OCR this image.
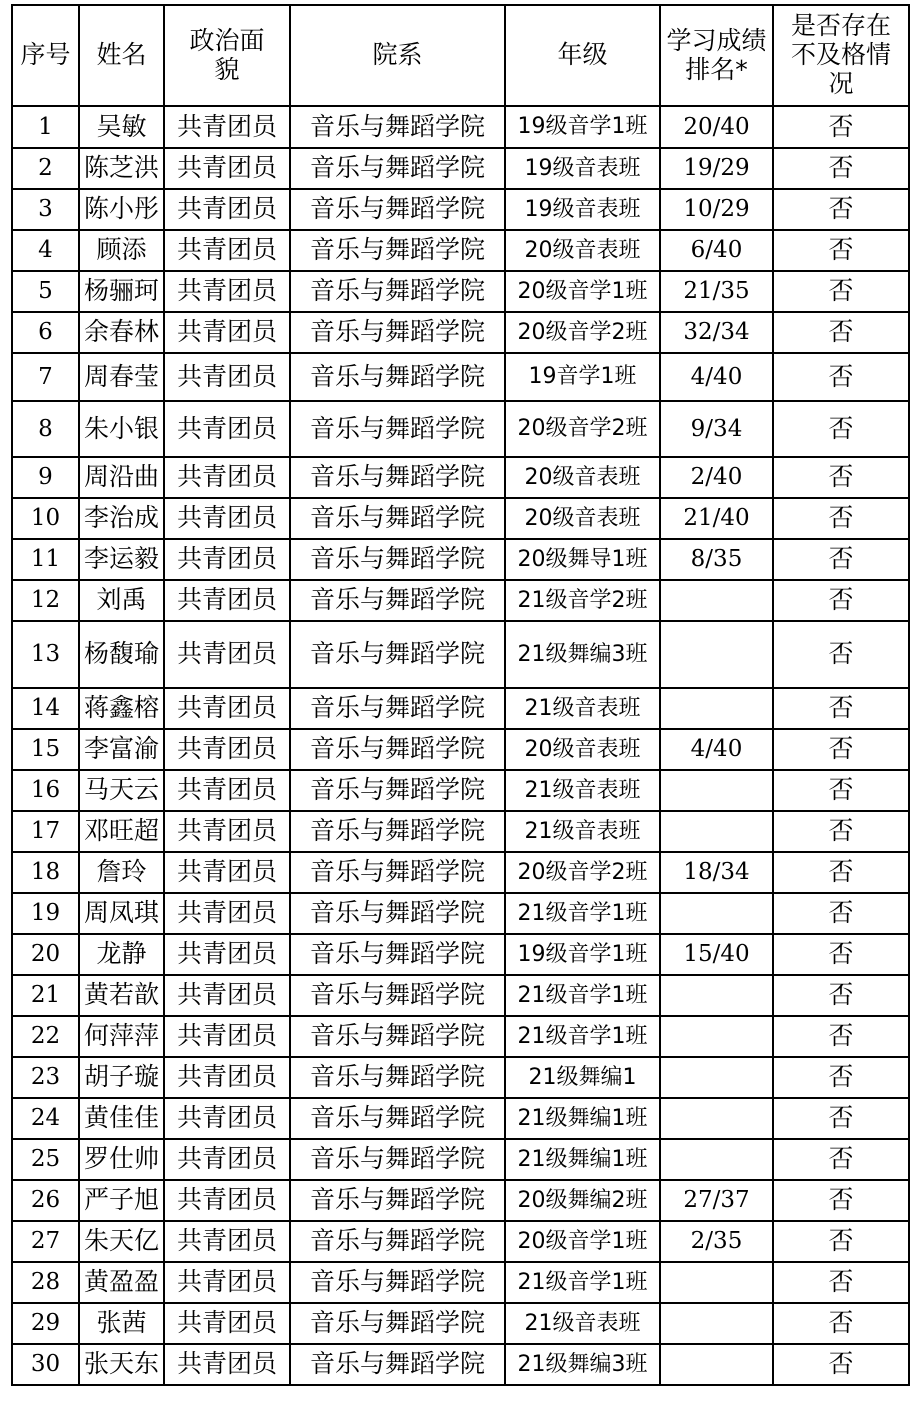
序号	姓名	政治面貌	院系	年级	学习成绩排名*	是否存在不及格情况
1	吴敏	共青团员	音乐与舞蹈学院	19级音学1班	20/40	否
2	陈芝洪	共青团员	音乐与舞蹈学院	19级音表班	19/29	否
3	陈小彤	共青团员	音乐与舞蹈学院	19级音表班	10/29	否
4	顾添	共青团员	音乐与舞蹈学院	20级音表班	6/40	否
5	杨骊珂	共青团员	音乐与舞蹈学院	20级音学1班	21/35	否
6	余春林	共青团员	音乐与舞蹈学院	20级音学2班	32/34	否
7	周春莹	共青团员	音乐与舞蹈学院	19音学1班	4/40	否
8	朱小银	共青团员	音乐与舞蹈学院	20级音学2班	9/34	否
9	周沿曲	共青团员	音乐与舞蹈学院	20级音表班	2/40	否
10	李治成	共青团员	音乐与舞蹈学院	20级音表班	21/40	否
11	李运毅	共青团员	音乐与舞蹈学院	20级舞导1班	8/35	否
12	刘禹	共青团员	音乐与舞蹈学院	21级音学2班		否
13	杨馥瑜	共青团员	音乐与舞蹈学院	21级舞编3班		否
14	蒋鑫榕	共青团员	音乐与舞蹈学院	21级音表班		否
15	李富渝	共青团员	音乐与舞蹈学院	20级音表班	4/40	否
16	马天云	共青团员	音乐与舞蹈学院	21级音表班		否
17	邓旺超	共青团员	音乐与舞蹈学院	21级音表班		否
18	詹玲	共青团员	音乐与舞蹈学院	20级音学2班	18/34	否
19	周凤琪	共青团员	音乐与舞蹈学院	21级音学1班		否
20	龙静	共青团员	音乐与舞蹈学院	19级音学1班	15/40	否
21	黄若歆	共青团员	音乐与舞蹈学院	21级音学1班		否
22	何萍萍	共青团员	音乐与舞蹈学院	21级音学1班		否
23	胡子璇	共青团员	音乐与舞蹈学院	21级舞编1		否
24	黄佳佳	共青团员	音乐与舞蹈学院	21级舞编1班		否
25	罗仕帅	共青团员	音乐与舞蹈学院	21级舞编1班		否
26	严子旭	共青团员	音乐与舞蹈学院	20级舞编2班	27/37	否
27	朱天亿	共青团员	音乐与舞蹈学院	20级音学1班	2/35	否
28	黄盈盈	共青团员	音乐与舞蹈学院	21级音学1班		否
29	张茜	共青团员	音乐与舞蹈学院	21级音表班		否
30	张天东	共青团员	音乐与舞蹈学院	21级舞编3班		否
